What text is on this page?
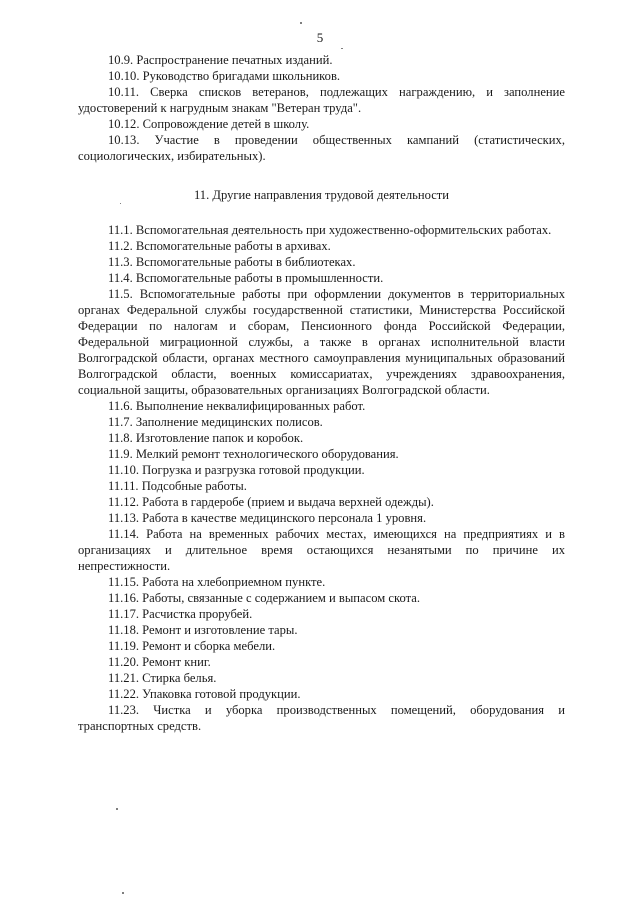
5

10.9. Распространение печатных изданий.

10.10. Руководство бригадами школьников.

10.11. Сверка списков ветеранов, подлежащих награждению, и заполнение удостоверений к нагрудным знакам "Ветеран труда".

10.12. Сопровождение детей в школу.

10.13. Участие в проведении общественных кампаний (статистических, социологических, избирательных).

11. Другие направления трудовой деятельности

11.1. Вспомогательная деятельность при художественно-оформительских работах.

11.2. Вспомогательные работы в архивах.

11.3. Вспомогательные работы в библиотеках.

11.4. Вспомогательные работы в промышленности.

11.5. Вспомогательные работы при оформлении документов в территориальных органах Федеральной службы государственной статистики, Министерства Российской Федерации по налогам и сборам, Пенсионного фонда Российской Федерации, Федеральной миграционной службы, а также в органах исполнительной власти Волгоградской области, органах местного самоуправления муниципальных образований Волгоградской области, военных комиссариатах, учреждениях здравоохранения, социальной защиты, образовательных организациях Волгоградской области.

11.6. Выполнение неквалифицированных работ.

11.7. Заполнение медицинских полисов.

11.8. Изготовление папок и коробок.

11.9. Мелкий ремонт технологического оборудования.

11.10. Погрузка и разгрузка готовой продукции.

11.11. Подсобные работы.

11.12. Работа в гардеробе (прием и выдача верхней одежды).

11.13. Работа в качестве медицинского персонала 1 уровня.

11.14. Работа на временных рабочих местах, имеющихся на предприятиях и в организациях и длительное время остающихся незанятыми по причине их непрестижности.

11.15. Работа на хлебоприемном пункте.

11.16. Работы, связанные с содержанием и выпасом скота.

11.17. Расчистка прорубей.

11.18. Ремонт и изготовление тары.

11.19. Ремонт и сборка мебели.

11.20. Ремонт книг.

11.21. Стирка белья.

11.22. Упаковка готовой продукции.

11.23. Чистка и уборка производственных помещений, оборудования и транспортных средств.
